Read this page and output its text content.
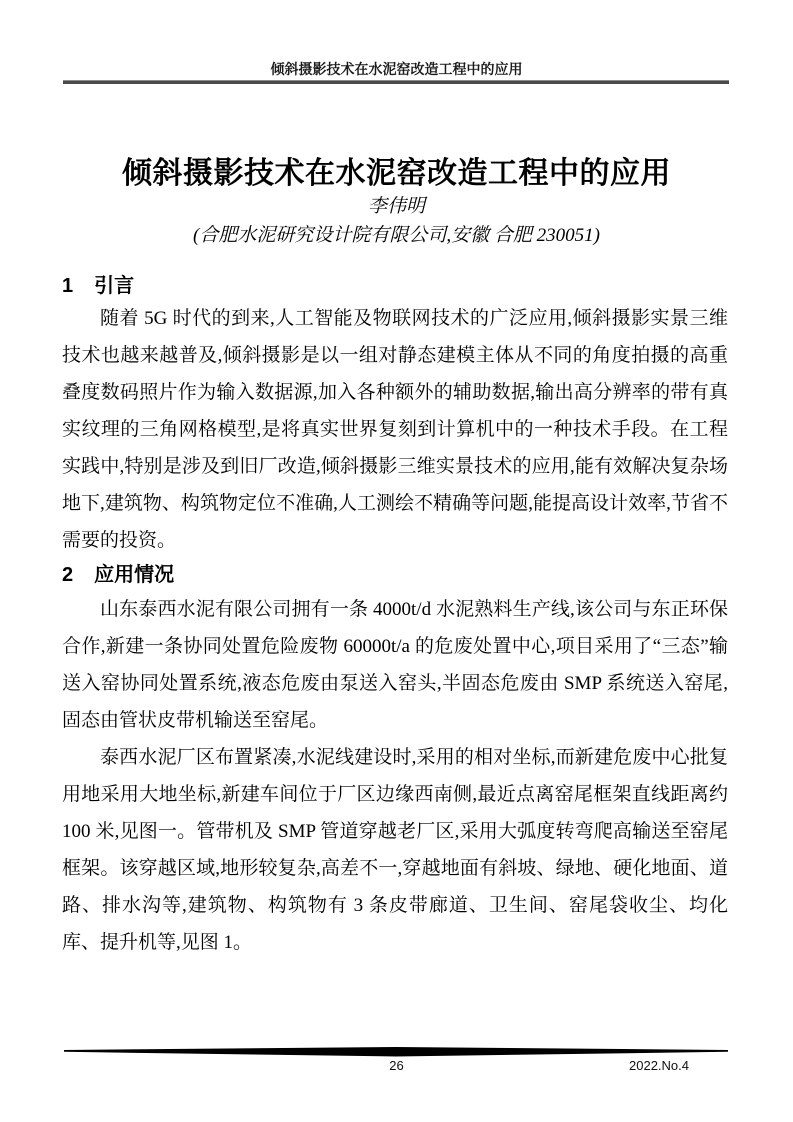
倾斜摄影技术在水泥窑改造工程中的应用
倾斜摄影技术在水泥窑改造工程中的应用
李伟明
(合肥水泥研究设计院有限公司,安徽 合肥 230051)
1 引言

随着 5G 时代的到来,人工智能及物联网技术的广泛应用,倾斜摄影实景三维技术也越来越普及,倾斜摄影是以一组对静态建模主体从不同的角度拍摄的高重叠度数码照片作为输入数据源,加入各种额外的辅助数据,输出高分辨率的带有真实纹理的三角网格模型,是将真实世界复刻到计算机中的一种技术手段。在工程实践中,特别是涉及到旧厂改造,倾斜摄影三维实景技术的应用,能有效解决复杂场地下,建筑物、构筑物定位不准确,人工测绘不精确等问题,能提高设计效率,节省不需要的投资。

2 应用情况

山东泰西水泥有限公司拥有一条 4000t/d 水泥熟料生产线,该公司与东正环保合作,新建一条协同处置危险废物 60000t/a 的危废处置中心,项目采用了“三态”输送入窑协同处置系统,液态危废由泵送入窑头,半固态危废由 SMP 系统送入窑尾,固态由管状皮带机输送至窑尾。

泰西水泥厂区布置紧凑,水泥线建设时,采用的相对坐标,而新建危废中心批复用地采用大地坐标,新建车间位于厂区边缘西南侧,最近点离窑尾框架直线距离约 100 米,见图一。管带机及 SMP 管道穿越老厂区,采用大弧度转弯爬高输送至窑尾框架。该穿越区域,地形较复杂,高差不一,穿越地面有斜坡、绿地、硬化地面、道路、排水沟等,建筑物、构筑物有 3 条皮带廊道、卫生间、窑尾袋收尘、均化库、提升机等,见图 1。

26	2022.No.4
